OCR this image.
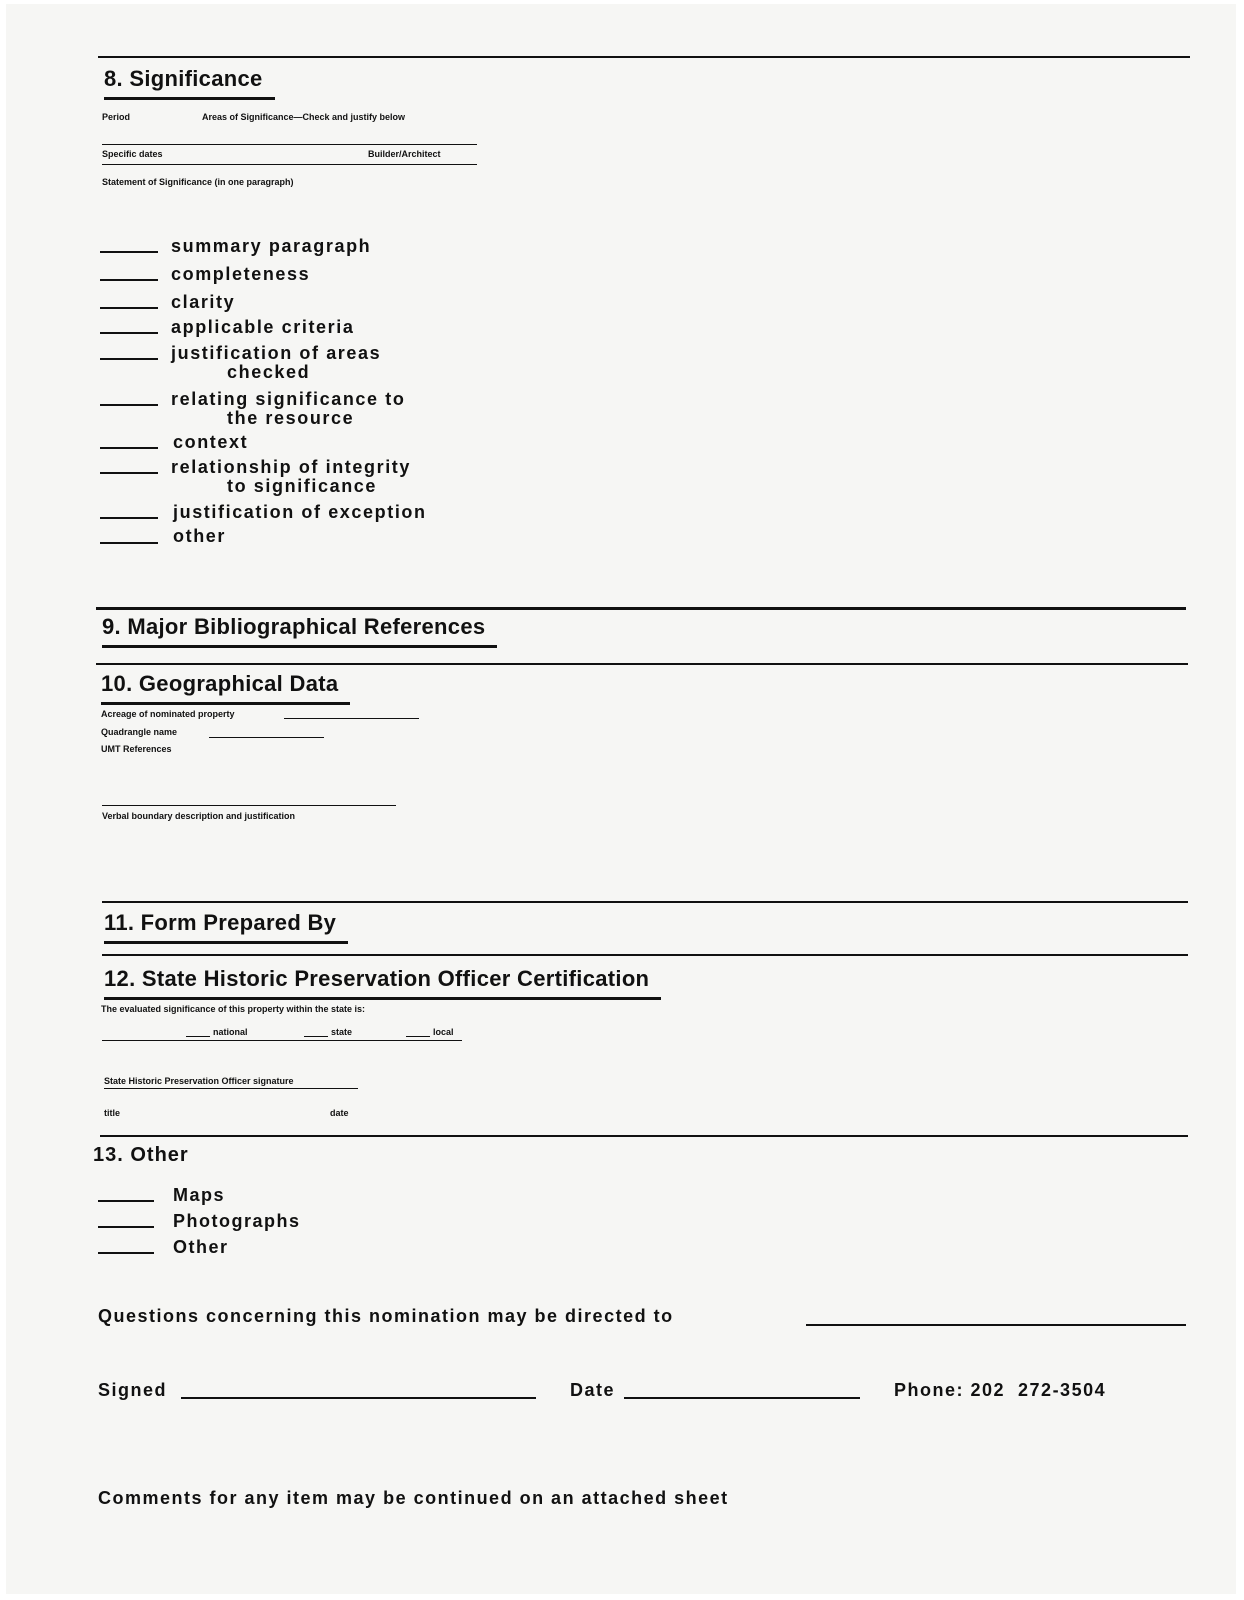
8. Significance
Period	Areas of Significance—Check and justify below
Specific dates	Builder/Architect
Statement of Significance (in one paragraph)
summary paragraph
completeness
clarity
applicable criteria
justification of areas
checked
relating significance to
the resource
context
relationship of integrity
to significance
justification of exception
other
9. Major Bibliographical References
10. Geographical Data
Acreage of nominated property
Quadrangle name
UMT References
Verbal boundary description and justification
11. Form Prepared By
12. State Historic Preservation Officer Certification
The evaluated significance of this property within the state is:
national	state	local
State Historic Preservation Officer signature
title	date
13. Other
Maps
Photographs
Other
Questions concerning this nomination may be directed to
Signed	Date	Phone: 202  272-3504
Comments for any item may be continued on an attached sheet
